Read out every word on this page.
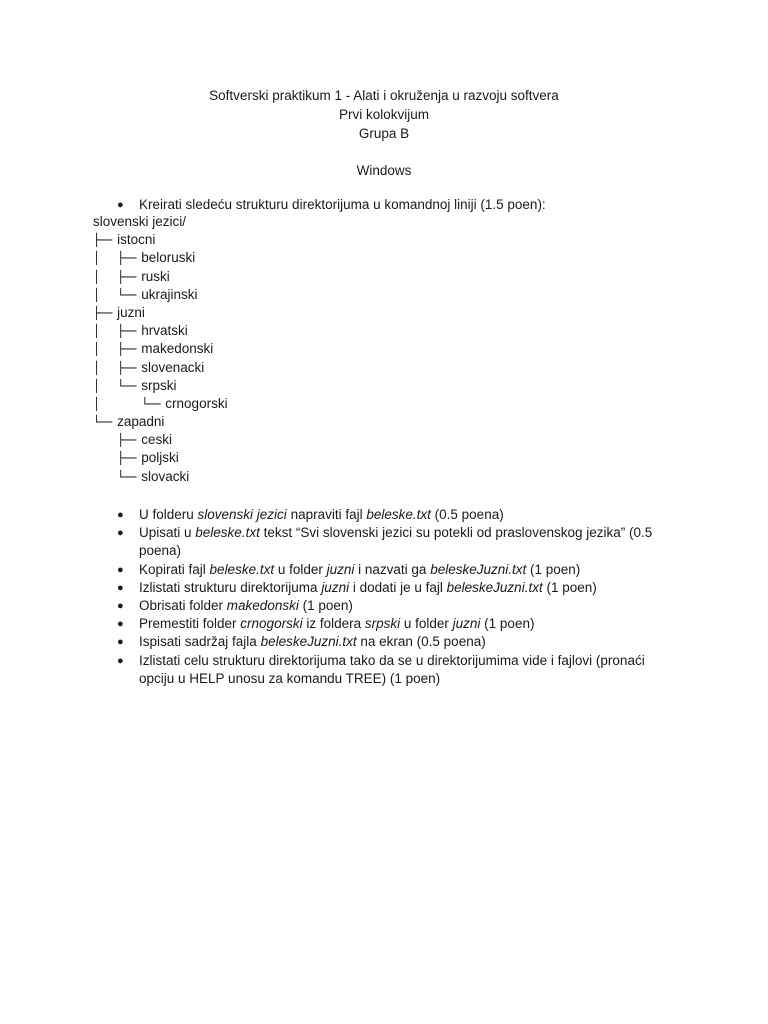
Softverski praktikum 1 - Alati i okruženja u razvoju softvera
Prvi kolokvijum
Grupa B
Windows
● Kreirati sledeću strukturu direktorijuma u komandnoj liniji (1.5 poen):
slovenski jezici/
├── istocni
│   ├── beloruski
│   ├── ruski
│   └── ukrajinski
├── juzni
│   ├── hrvatski
│   ├── makedonski
│   ├── slovenacki
│   └── srpski
│       └── crnogorski
└── zapadni
├── ceski
├── poljski
└── slovacki
●	U folderu slovenski jezici napraviti fajl beleske.txt (0.5 poena)
●	Upisati u beleske.txt tekst “Svi slovenski jezici su potekli od praslovenskog jezika” (0.5 poena)
●	Kopirati fajl beleske.txt u folder juzni i nazvati ga beleskeJuzni.txt (1 poen)
●	Izlistati strukturu direktorijuma juzni i dodati je u fajl beleskeJuzni.txt (1 poen)
●	Obrisati folder makedonski (1 poen)
●	Premestiti folder crnogorski iz foldera srpski u folder juzni (1 poen)
●	Ispisati sadržaj fajla beleskeJuzni.txt na ekran (0.5 poena)
●	Izlistati celu strukturu direktorijuma tako da se u direktorijumima vide i fajlovi (pronaći opciju u HELP unosu za komandu TREE) (1 poen)
